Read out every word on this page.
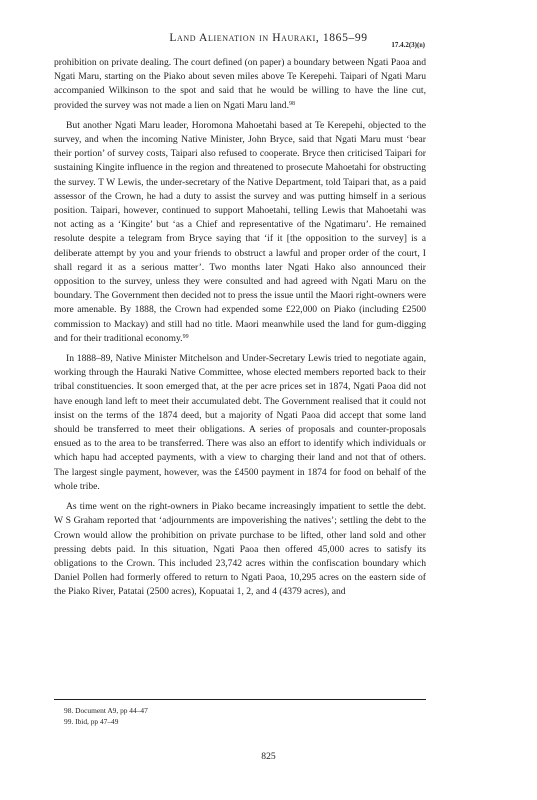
Land Alienation in Hauraki, 1865–99
17.4.2(3)(b)

prohibition on private dealing. The court defined (on paper) a boundary between Ngati Paoa and Ngati Maru, starting on the Piako about seven miles above Te Kerepehi. Taipari of Ngati Maru accompanied Wilkinson to the spot and said that he would be willing to have the line cut, provided the survey was not made a lien on Ngati Maru land.$^{98}$

But another Ngati Maru leader, Horomona Mahoetahi based at Te Kerepehi, objected to the survey, and when the incoming Native Minister, John Bryce, said that Ngati Maru must ‘bear their portion’ of survey costs, Taipari also refused to cooperate. Bryce then criticised Taipari for sustaining Kingite influence in the region and threatened to prosecute Mahoetahi for obstructing the survey. T W Lewis, the under-secretary of the Native Department, told Taipari that, as a paid assessor of the Crown, he had a duty to assist the survey and was putting himself in a serious position. Taipari, however, continued to support Mahoetahi, telling Lewis that Mahoetahi was not acting as a ‘Kingite’ but ‘as a Chief and representative of the Ngatimaru’. He remained resolute despite a telegram from Bryce saying that ‘if it [the opposition to the survey] is a deliberate attempt by you and your friends to obstruct a lawful and proper order of the court, I shall regard it as a serious matter’. Two months later Ngati Hako also announced their opposition to the survey, unless they were consulted and had agreed with Ngati Maru on the boundary. The Government then decided not to press the issue until the Maori right-owners were more amenable. By 1888, the Crown had expended some £22,000 on Piako (including £2500 commission to Mackay) and still had no title. Maori meanwhile used the land for gum-digging and for their traditional economy.$^{99}$

In 1888–89, Native Minister Mitchelson and Under-Secretary Lewis tried to negotiate again, working through the Hauraki Native Committee, whose elected members reported back to their tribal constituencies. It soon emerged that, at the per acre prices set in 1874, Ngati Paoa did not have enough land left to meet their accumulated debt. The Government realised that it could not insist on the terms of the 1874 deed, but a majority of Ngati Paoa did accept that some land should be transferred to meet their obligations. A series of proposals and counter-proposals ensued as to the area to be transferred. There was also an effort to identify which individuals or which hapu had accepted payments, with a view to charging their land and not that of others. The largest single payment, however, was the £4500 payment in 1874 for food on behalf of the whole tribe.

As time went on the right-owners in Piako became increasingly impatient to settle the debt. W S Graham reported that ‘adjournments are impoverishing the natives’; settling the debt to the Crown would allow the prohibition on private purchase to be lifted, other land sold and other pressing debts paid. In this situation, Ngati Paoa then offered 45,000 acres to satisfy its obligations to the Crown. This included 23,742 acres within the confiscation boundary which Daniel Pollen had formerly offered to return to Ngati Paoa, 10,295 acres on the eastern side of the Piako River, Patatai (2500 acres), Kopuatai 1, 2, and 4 (4379 acres), and

98. Document A9, pp 44–47
99. Ibid, pp 47–49
825
